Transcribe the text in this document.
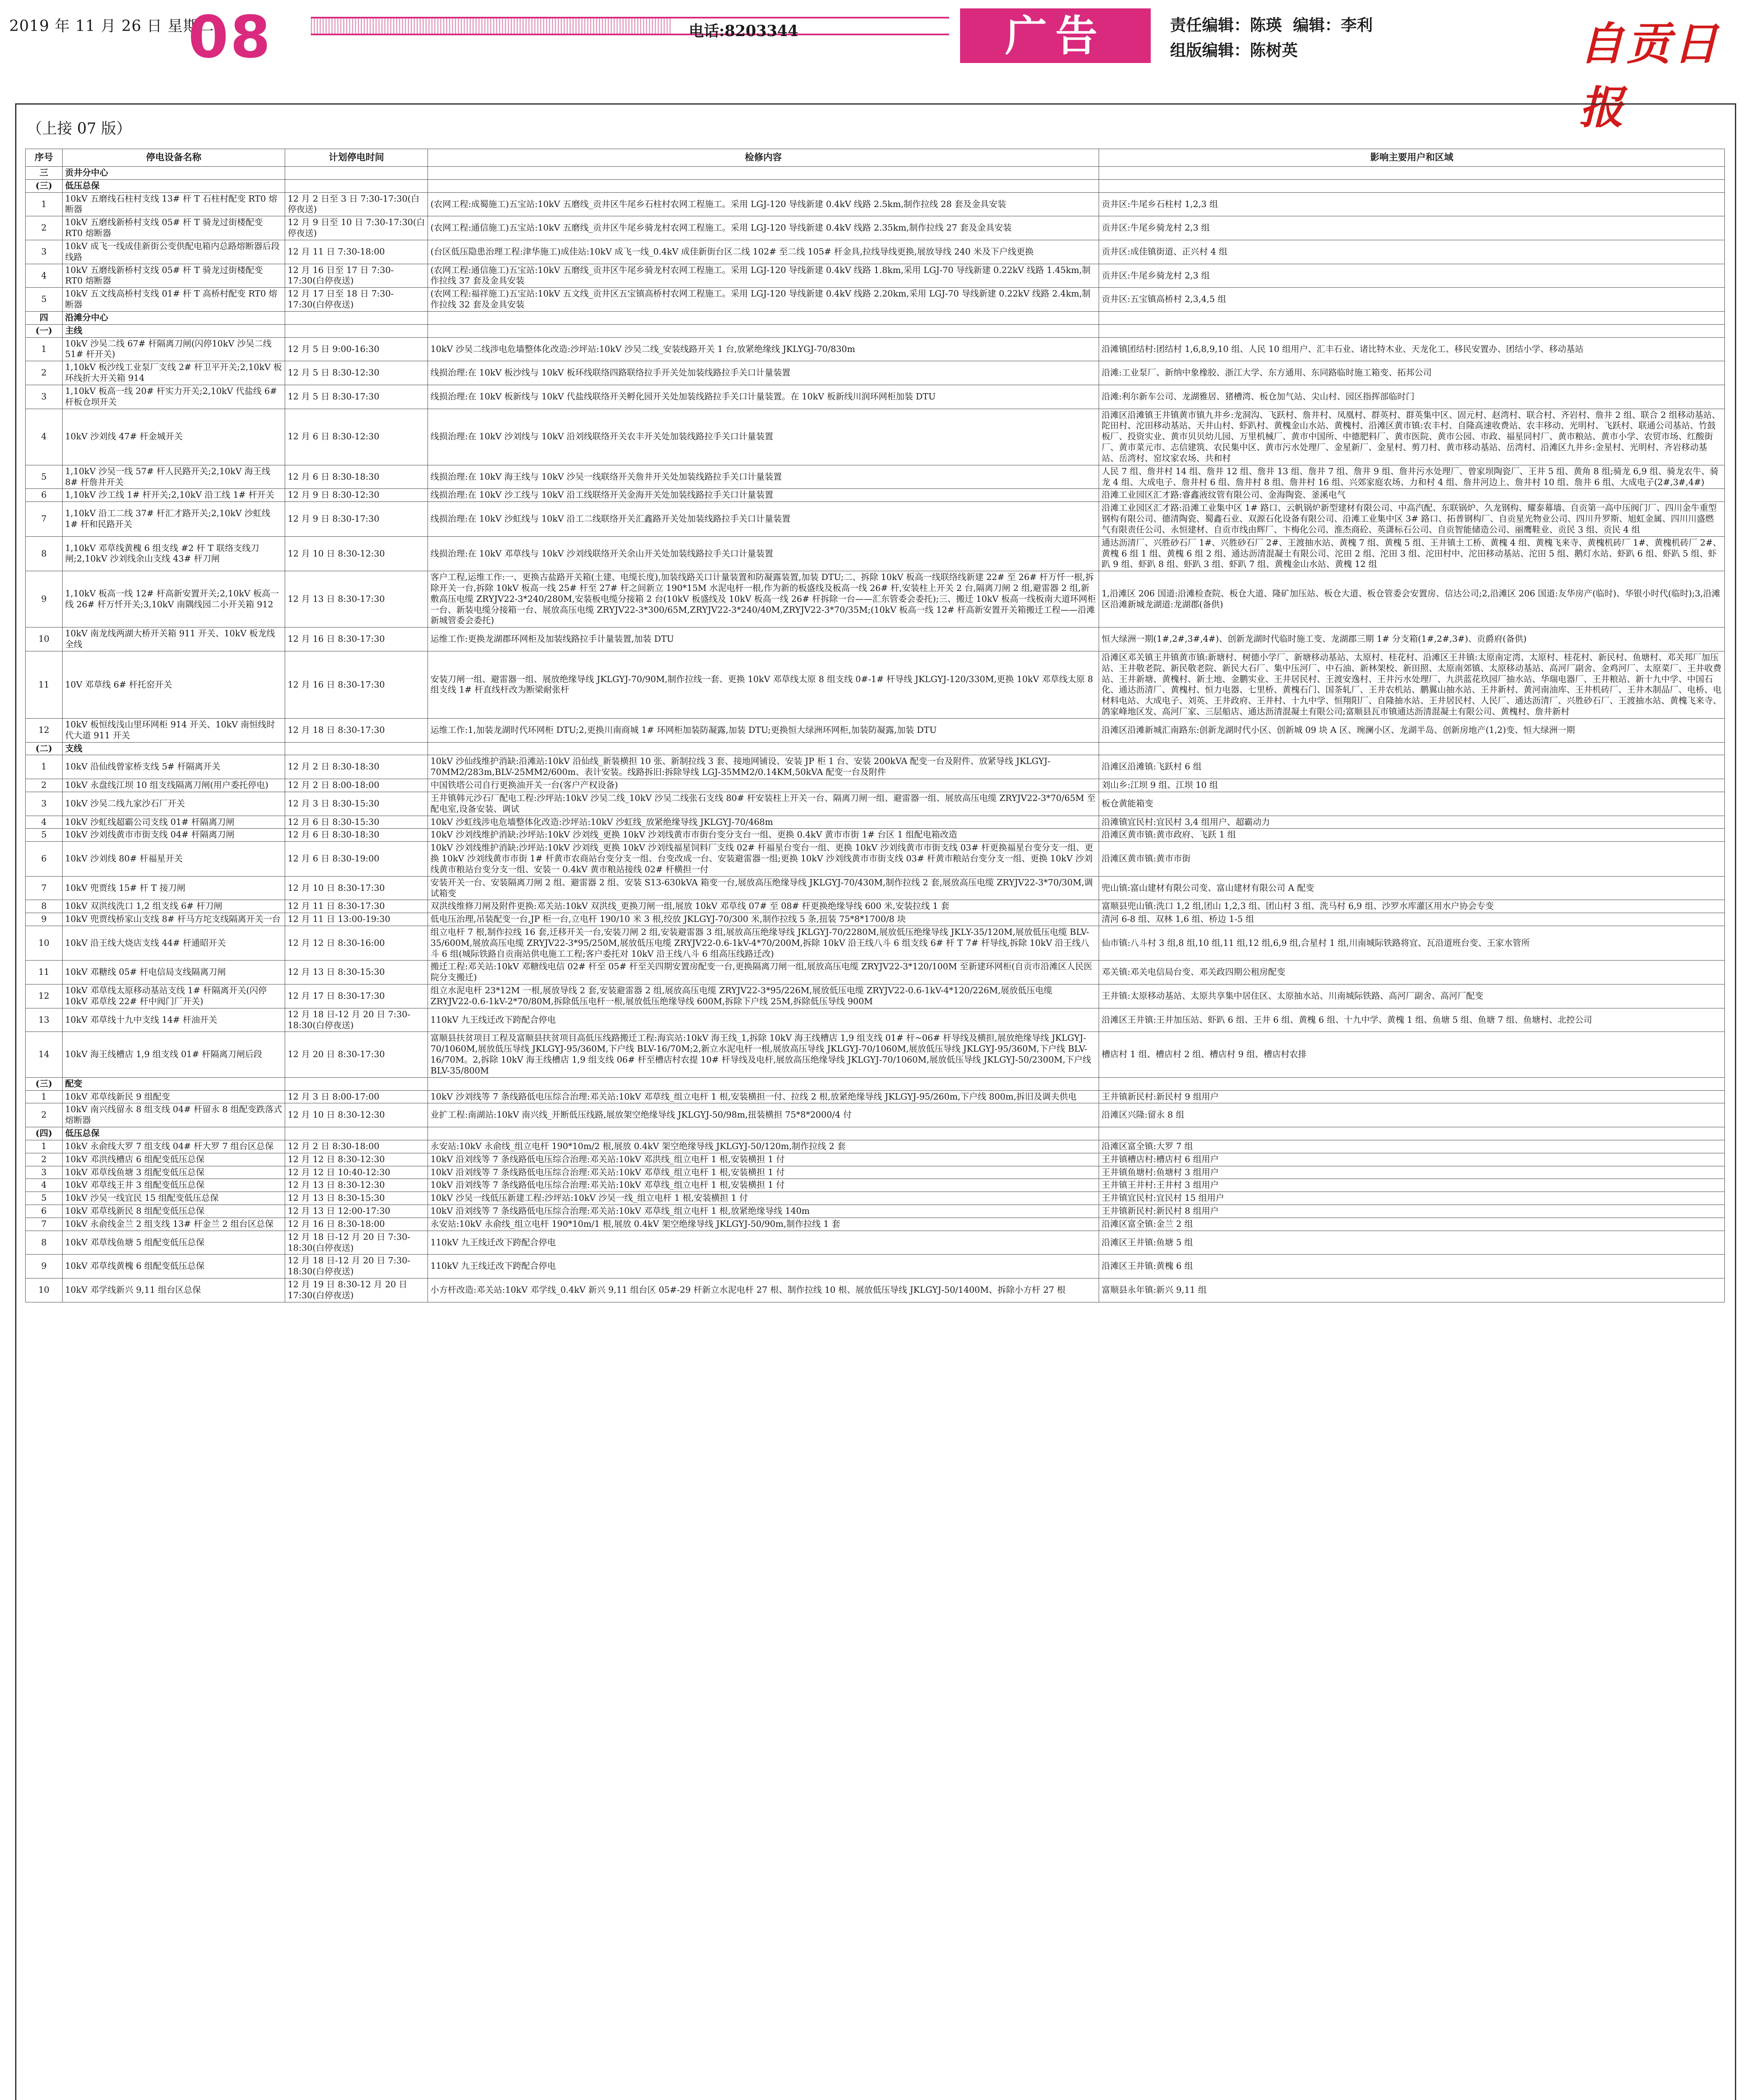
2019 年 11 月 26 日 星期二
08	电话:8203344	广告	责任编辑：陈瑛  编辑：李利
组版编辑：陈树英	自贡日报
（上接 07 版）
序号	停电设备名称	计划停电时间	检修内容	影响主要用户和区域
三	贡井分中心			
(三)	低压总保			
1	10kV 五磨线石柱村支线 13# 杆 T 石柱村配变 RT0 熔断器	12 月 2 日至 3 日 7:30-17:30(白停夜送)	(农网工程:成蜀施工)五宝站:10kV 五磨线_贡井区牛尾乡石柱村农网工程施工。采用 LGJ-120 导线新建 0.4kV 线路 2.5km,制作拉线 28 套及金具安装	贡井区:牛尾乡石柱村 1,2,3 组
2	10kV 五磨线新桥村支线 05# 杆 T 骑龙过街楼配变 RT0 熔断器	12 月 9 日至 10 日 7:30-17:30(白停夜送)	(农网工程:通信施工)五宝站:10kV 五磨线_贡井区牛尾乡骑龙村农网工程施工。采用 LGJ-120 导线新建 0.4kV 线路 2.35km,制作拉线 27 套及金具安装	贡井区:牛尾乡骑龙村 2,3 组
3	10kV 成飞一线成佳新街公变供配电箱内总路熔断器后段线路	12 月 11 日 7:30-18:00	(台区低压隐患治理工程:津华施工)成佳站:10kV 成飞一线_0.4kV 成佳新街台区二线 102# 至二线 105# 杆金具,拉线导线更换,展放导线 240 米及下户线更换	贡井区:成佳镇街道、正兴村 4 组
4	10kV 五磨线新桥村支线 05# 杆 T 骑龙过街楼配变 RT0 熔断器	12 月 16 日至 17 日 7:30-17:30(白停夜送)	(农网工程:通信施工)五宝站:10kV 五磨线_贡井区牛尾乡骑龙村农网工程施工。采用 LGJ-120 导线新建 0.4kV 线路 1.8km,采用 LGJ-70 导线新建 0.22kV 线路 1.45km,制作拉线 37 套及金具安装	贡井区:牛尾乡骑龙村 2,3 组
5	10kV 五文线高桥村支线 01# 杆 T 高桥村配变 RT0 熔断器	12 月 17 日至 18 日 7:30-17:30(白停夜送)	(农网工程:福祥施工)五宝站:10kV 五文线_贡井区五宝镇高桥村农网工程施工。采用 LGJ-120 导线新建 0.4kV 线路 2.20km,采用 LGJ-70 导线新建 0.22kV 线路 2.4km,制作拉线 32 套及金具安装	贡井区:五宝镇高桥村 2,3,4,5 组
四	沿滩分中心			
(一)	主线			
1	10kV 沙吴二线 67# 杆隔离刀闸(闪停10kV 沙吴二线 51# 杆开关)	12 月 5 日 9:00-16:30	10kV 沙吴二线涉电危墙整体化改造:沙坪站:10kV 沙吴二线_安装线路开关 1 台,放紧绝缘线 JKLYGJ-70/830m	沿滩镇团结村:团结村 1,6,8,9,10 组、人民 10 组用户、汇丰石业、诸比特木业、天龙化工、移民安置办、团结小学、移动基站
2	1,10kV 板沙线工业泵厂支线 2# 杆卫平开关;2,10kV 板环线折大开关箱 914	12 月 5 日 8:30-12:30	线损治理:在 10kV 板沙线与 10kV 板环线联络四路联络拉手开关处加装线路拉手关口计量装置	沿滩:工业泵厂、新纳中象橡胶、浙江大学、东方通用、东同路临时施工箱变、拓邦公司
3	1,10kV 板高一线 20# 杆实力开关;2,10kV 代盐线 6# 杆板仓坝开关	12 月 5 日 8:30-17:30	线损治理:在 10kV 板新线与 10kV 代盐线联络开关孵化园开关处加装线路拉手关口计量装置。在 10kV 板新线川润环网柜加装 DTU	沿滩:利尔新车公司、龙湖雅居、猪槽湾、板仓加气站、尖山村、园区指挥部临时门
4	10kV 沙刘线 47# 杆金城开关	12 月 6 日 8:30-12:30	线损治理:在 10kV 沙刘线与 10kV 沿刘线联络开关农丰开关处加装线路拉手关口计量装置	沿滩区沿滩镇王井镇黄市镇九井乡:龙洞沟、飞跃村、詹井村、凤凰村、群英村、群英集中区、固元村、赵湾村、联合村、齐岩村、詹井 2 组、联合 2 组移动基站、陀田村、沱田移动基站、天井山村、虾趴村、黄槐金山水站、黄槐村、沿滩区黄市镇:农丰村、自隆高速收费站、农丰移动、光明村、飞跃村、联通公司基站、竹鼓板厂、投资实业、黄市贝贝幼儿园、万里机械厂、黄市中国所、中德肥料厂、黄市医院、黄市公园、市政、福星同村厂、黄市粮站、黄市小学、农贸市场、红酸街厂、黄市菜元市、志信建筑、农民集中区、黄市污水处理厂、金星新厂、金星村、剪刀村、黄市移动基站、岳湾村、沿滩区九井乡:金星村、光明村、齐岩移动基站、岳湾村、窑坟家农场、共和村
5	1,10kV 沙吴一线 57# 杆人民路开关;2,10kV 海王线 8# 杆詹井开关	12 月 6 日 8:30-18:30	线损治理:在 10kV 海王线与 10kV 沙吴一线联络开关詹井开关处加装线路拉手关口计量装置	人民 7 组、詹井村 14 组、詹井 12 组、詹井 13 组、詹井 7 组、詹井 9 组、詹井污水处理厂、曾家坝陶瓷厂、王井 5 组、黄角 8 组;骑龙 6,9 组、骑龙农牛、骑龙 4 组、大成电子、詹井村 6 组、詹井村 8 组、詹井村 16 组、兴郊家庭农场、力和村 4 组、詹井河边上、詹井村 10 组、詹井 6 组、大成电子(2#,3#,4#)
6	1,10kV 沙工线 1# 杆开关;2,10kV 沿工线 1# 杆开关	12 月 9 日 8:30-12:30	线损治理:在 10kV 沙工线与 10kV 沿工线联络开关金海开关处加装线路拉手关口计量装置	沿滩工业园区汇才路:睿鑫液纹管有限公司、金海陶瓷、釜溪电气
7	1,10kV 沿工二线 37# 杆汇才路开关;2,10kV 沙虹线 1# 杆和民路开关	12 月 9 日 8:30-17:30	线损治理:在 10kV 沙虹线与 10kV 沿工二线联络开关汇鑫路开关处加装线路拉手关口计量装置	沿滩工业园区汇才路:沿滩工业集中区 1# 路口、云帆锅炉新型建材有限公司、中高汽配、东联锅炉、久龙钢构、耀泰幕墙、自贡第一高中压阀门厂、四川金牛重型钢构有限公司、德清陶瓷、蜀鑫石业、双源石化设备有限公司、沿滩工业集中区 3# 路口、拓普钢构厂、自贡星光物业公司、四川升罗斯、旭虹金属、四川川盛燃气有限责任公司、永恒建材、自贡市线由辉厂、卞梅化公司、淮杰商砼、英潇标石公司、自贡智能储造公司、丽鹰鞋业、贡民 3 组、贡民 4 组
8	1,10kV 邓草线黄槐 6 组支线 #2 杆 T 联络支线刀闸;2,10kV 沙刘线余山支线 43# 杆刀闸	12 月 10 日 8:30-12:30	线损治理:在 10kV 邓草线与 10kV 沙刘线联络开关余山开关处加装线路拉手关口计量装置	通达沥清厂、兴胜砂石厂 1#、兴胜砂石厂 2#、王渡抽水站、黄槐 7 组、黄槐 5 组、王井镇土工桥、黄槐 4 组、黄槐飞来寺、黄槐机砖厂 1#、黄槐机砖厂 2#、黄槐 6 组 1 组、黄槐 6 组 2 组、通达沥清混凝土有限公司、沱田 2 组、沱田 3 组、沱田村中、沱田移动基站、沱田 5 组、鹅灯水站、虾趴 6 组、虾趴 5 组、虾趴 9 组、虾趴 8 组、虾趴 3 组、虾趴 7 组、黄槐金山水站、黄槐 12 组
9	1,10kV 板高一线 12# 杆高新安置开关;2,10kV 板高一线 26# 杆万忏开关;3,10kV 南隅线园二小开关箱 912	12 月 13 日 8:30-17:30	客户工程,运维工作:一、更换古盐路开关箱(土建、电缆长度),加装线路关口计量装置和防凝露装置,加装 DTU;二、拆除 10kV 板高一线联络线新建 22# 至 26# 杆万忏一根,拆除开关一台,拆除 10kV 板高一线 25# 杆至 27# 杆之间新立 190*15M 水泥电杆一根,作为新的板盛线及板高一线 26# 杆,安装柱上开关 2 台,隔离刀闸 2 组,避雷器 2 组,新敷高压电缆 ZRYJV22-3*240/280M,安装板电缆分接箱 2 台(10kV 板盛线及 10kV 板高一线 26# 杆拆除一台——汇东管委会委托);三、搬迁 10kV 板高一线板南大道环网柜一台、新装电缆分接箱一台、展放高压电缆 ZRYJV22-3*300/65M,ZRYJV22-3*240/40M,ZRYJV22-3*70/35M;(10kV 板高一线 12# 杆高新安置开关箱搬迁工程——沿滩新城管委会委托)	1,沿滩区 206 国道:沿滩检查院、板仓大道、隆矿加压站、板仓大道、板仓管委会安置房、信达公司;2,沿滩区 206 国道:友华房产(临时)、华银小时代(临时);3,沿滩区沿滩新城龙湖道:龙湖郡(备供)
10	10kV 南龙线两湖大桥开关箱 911 开关、10kV 板龙线全线	12 月 16 日 8:30-17:30	运维工作:更换龙湖郡环网柜及加装线路拉手计量装置,加装 DTU	恒大绿洲一期(1#,2#,3#,4#)、创新龙湖时代临时施工变、龙湖郡三期 1# 分支箱(1#,2#,3#)、贡爵府(备供)
11	10V 邓草线 6# 杆托窑开关	12 月 16 日 8:30-17:30	安装刀闸一组、避雷器一组、展放绝缘导线 JKLGYJ-70/90M,制作拉线一套、更换 10kV 邓草线太原 8 组支线 0#-1# 杆导线 JKLGYJ-120/330M,更换 10kV 邓草线太原 8 组支线 1# 杆直线杆改为断梁耐张杆	沿滩区邓关镇王井镇黄市镇:新塘村、树德小学厂、新塘移动基站、太原村、桂花村、沿滩区王井镇:太原南定湾、太原村、桂花村、新民村、鱼塘村、邓关邦厂加压站、王井敬老院、新民敬老院、新民大石厂、集中压河厂、中石油、新林架校、新田照、太原南郊镇、太原移动基站、高河厂副舍、金鸡河厂、太原菜厂、王井收费站、王井新塘、黄槐村、新土地、金鹏实业、王井居民村、王渡安逸村、王井污水处理厂、九洪蓝花玖园厂抽水站、华瑞电器厂、王井粮站、新十九中学、中国石化、通达沥清厂、黄槐村、恒力电器、七里桥、黄槐石门、国茶轧厂、王井农机站、鹏翼山抽水站、王井新村、黄河南油库、王井机砖厂、王井木制品厂、电桥、电材料电站、大成电子、刘英、王井政府、王井村、十九中学、恒翔阳厂、自隆抽水站、王井居民村、人民厂、通达沥清厂、兴胜砂石厂、王渡抽水站、黄槐飞来寺、鸽家峰地区发、高河厂家、三层船店、通达沥清混凝土有限公司;富顺县瓦市镇通达沥清混凝土有限公司、黄槐村、詹井新村
12	10kV 板恒线浅山里环网柜 914 开关、10kV 南恒线时代大道 911 开关	12 月 18 日 8:30-17:30	运维工作:1,加装龙湖时代环网柜 DTU;2,更换川南商城 1# 环网柜加装防凝露,加装 DTU;更换恒大绿洲环网柜,加装防凝露,加装 DTU	沿滩区沿滩新城汇南路东:创新龙湖时代小区、创新城 09 块 A 区、琬澜小区、龙湖半岛、创新房地产(1,2)变、恒大绿洲一期
(二)	支线			
1	10kV 沿仙线曾家桥支线 5# 杆隔离开关	12 月 2 日 8:30-18:30	10kV 沙仙线维护消缺:沿滩站:10kV 沿仙线_新装横担 10 张、新制拉线 3 套、接地网铺设、安装 JP 柜 1 台、安装 200kVA 配变一台及附件、放紧导线 JKLGYJ-70MM2/283m,BLV-25MM2/600m、表计安装。线路拆旧:拆除导线 LGJ-35MM2/0.14KM,50kVA 配变一台及附件	沿滩区沿滩镇:飞跃村 6 组
2	10kV 永盘线江坝 10 组支线隔离刀闸(用户委托停电)	12 月 2 日 8:00-18:00	中国铁塔公司自行更换油开关一台(客户产权设备)	刘山乡:江坝 9 组、江坝 10 组
3	10kV 沙吴二线九家沙石厂开关	12 月 3 日 8:30-15:30	王井镇韩元沙石厂配电工程:沙坪站:10kV 沙吴二线_10kV 沙吴二线张石支线 80# 杆安装柱上开关一台、隔离刀闸一组、避雷器一组、展放高压电缆 ZRYJV22-3*70/65M 至配电室,设备安装、调试	板仓黄能箱变
4	10kV 沙虹线超霸公司支线 01# 杆隔离刀闸	12 月 6 日 8:30-15:30	10kV 沙虹线涉电危墙整体化改造:沙坪站:10kV 沙虹线_放紧绝缘导线 JKLGYJ-70/468m	沿滩镇宜民村:宜民村 3,4 组用户、超霸动力
5	10kV 沙刘线黄市市街支线 04# 杆隔离刀闸	12 月 6 日 8:30-18:30	10kV 沙刘线维护消缺:沙坪站:10kV 沙刘线_更换 10kV 沙刘线黄市市街台变分支台一组、更换 0.4kV 黄市市街 1# 台区 1 组配电箱改造	沿滩区黄市镇:黄市政府、飞跃 1 组
6	10kV 沙刘线 80# 杆福星开关	12 月 6 日 8:30-19:00	10kV 沙刘线维护消缺:沙坪站:10kV 沙刘线_更换 10kV 沙刘线福星饲料厂支线 02# 杆福星台变台一组、更换 10kV 沙刘线黄市市街支线 03# 杆更换福星台变分支一组、更换 10kV 沙刘线黄市市街 1# 杆黄市农商站台变分支一组、台变改成一台、安装避雷器一组;更换 10kV 沙刘线黄市市街支线 03# 杆黄市粮站台变分支一组、更换 10kV 沙刘线黄市粮站台变分支一组、安装一 0.4kV 黄市粮站接线 02# 杆横担一付	沿滩区黄市镇:黄市市街
7	10kV 兜贾线 15# 杆 T 接刀闸	12 月 10 日 8:30-17:30	安装开关一台、安装隔离刀闸 2 组、避雷器 2 组、安装 S13-630kVA 箱变一台,展放高压绝缘导线 JKLGYJ-70/430M,制作拉线 2 套,展放高压电缆 ZRYJV22-3*70/30M,调试箱变	兜山镇:富山建材有限公司变、富山建材有限公司 A 配变
8	10kV 双洪线洗口 1,2 组支线 6# 杆刀闸	12 月 11 日 8:30-17:30	双洪线维修刀闸及附件更换:邓关站:10kV 双洪线_更换刀闸一组,展放 10kV 邓草线 07# 至 08# 杆更换绝缘导线 600 米,安装拉线 1 套	富顺县兜山镇:洗口 1,2 组,团山 1,2,3 组、团山村 3 组、洗马村 6,9 组、沙罗水库灌区用水户协会专变
9	10kV 兜贾线桥家山支线 8# 杆马方坨支线隔离开关一台	12 月 11 日 13:00-19:30	低电压治理,吊装配变一台,JP 柜一台,立电杆 190/10 米 3 根,绞放 JKLGYJ-70/300 米,制作拉线 5 条,扭装 75*8*1700/8 块	清河 6-8 组、双林 1,6 组、桥边 1-5 组
10	10kV 沿王线大烧店支线 44# 杆通昭开关	12 月 12 日 8:30-16:00	组立电杆 7 根,制作拉线 16 套,迁移开关一台,安装刀闸 2 组,安装避雷器 3 组,展放高压绝缘导线 JKLGYJ-70/2280M,展放低压绝缘导线 JKLY-35/120M,展放低压电缆 BLV-35/600M,展放高压电缆 ZRYJV22-3*95/250M,展放低压电缆 ZRYJV22-0.6-1kV-4*70/200M,拆除 10kV 沿王线八斗 6 组支线 6# 杆 T 7# 杆导线,拆除 10kV 沿王线八斗 6 组(城际铁路自贡南站供电施工工程;客户委托对 10kV 沿王线八斗 6 组高压线路迁改)	仙市镇:八斗村 3 组,8 组,10 组,11 组,12 组,6,9 组,合星村 1 组,川南城际铁路将宜、瓦沿道班台变、王家水管所
11	10kV 邓糖线 05# 杆电信局支线隔离刀闸	12 月 13 日 8:30-15:30	搬迁工程:邓关站:10kV 邓糖线电信 02# 杆至 05# 杆至关四期安置房配变一台,更换隔离刀闸一组,展放高压电缆 ZRYJV22-3*120/100M 至新建环网柜(自贡市沿滩区人民医院分支搬迁)	邓关镇:邓关电信局台变、邓关政四期公租房配变
12	10kV 邓草线太原移动基站支线 1# 杆隔离开关(闪停 10kV 邓草线 22# 杆中阀门厂开关)	12 月 17 日 8:30-17:30	组立水泥电杆 23*12M 一根,展放导线 2 套,安装避雷器 2 组,展放高压电缆 ZRYJV22-3*95/226M,展放低压电缆 ZRYJV22-0.6-1kV-4*120/226M,展放低压电缆 ZRYJV22-0.6-1kV-2*70/80M,拆除低压电杆一根,展放低压绝缘导线 600M,拆除下户线 25M,拆除低压导线 900M	王井镇:太原移动基站、太原共享集中居住区、太原抽水站、川南城际铁路、高河厂副舍、高河厂配变
13	10kV 邓草线十九中支线 14# 杆油开关	12 月 18 日-12 月 20 日 7:30-18:30(白停夜送)	110kV 九王线迁改下跨配合停电	沿滩区王井镇:王井加压站、虾趴 6 组、王井 6 组、黄槐 6 组、十九中学、黄槐 1 组、鱼塘 5 组、鱼塘 7 组、鱼塘村、北控公司
14	10kV 海王线槽店 1,9 组支线 01# 杆隔离刀闸后段	12 月 20 日 8:30-17:30	富顺县扶贫项目工程及富顺县扶贫项目高低压线路搬迁工程:海宾站:10kV 海王线_1,拆除 10kV 海王线槽店 1,9 组支线 01# 杆~06# 杆导线及横担,展放绝缘导线 JKLGYJ-70/1060M,展放低压导线 JKLGYJ-95/360M,下户线 BLV-16/70M;2,新立水泥电杆一根,展放高压导线 JKLGYJ-70/1060M,展放低压导线 JKLGYJ-95/360M,下户线 BLV-16/70M。2,拆除 10kV 海王线槽店 1,9 组支线 06# 杆至槽店村农提 10# 杆导线及电杆,展放高压绝缘导线 JKLGYJ-70/1060M,展放低压导线 JKLGYJ-50/2300M,下户线 BLV-35/800M	槽店村 1 组、槽店村 2 组、槽店村 9 组、槽店村农排
(三)	配变			
1	10kV 邓草线新民 9 组配变	12 月 3 日 8:00-17:00	10kV 沙刘线等 7 条线路低电压综合治理:邓关站:10kV 邓草线_组立电杆 1 根,安装横担一付、拉线 2 根,放紧绝缘导线 JKLGYJ-95/260m,下户线 800m,拆旧及调夫供电	王井镇新民村:新民村 9 组用户
2	10kV 南兴线留永 8 组支线 04# 杆留永 8 组配变跌落式熔断器	12 月 10 日 8:30-12:30	业扩工程:南湖站:10kV 南兴线_开断低压线路,展放架空绝缘导线 JKLGYJ-50/98m,扭装横担 75*8*2000/4 付	沿滩区兴隆:留永 8 组
(四)	低压总保			
1	10kV 永俞线大罗 7 组支线 04# 杆大罗 7 组台区总保	12 月 2 日 8:30-18:00	永安站:10kV 永俞线_组立电杆 190*10m/2 根,展放 0.4kV 架空绝缘导线 JKLGYJ-50/120m,制作拉线 2 套	沿滩区富全镇:大罗 7 组
2	10kV 邓洪线槽店 6 组配变低压总保	12 月 12 日 8:30-12:30	10kV 沿刘线等 7 条线路低电压综合治理:邓关站:10kV 邓洪线_组立电杆 1 根,安装横担 1 付	王井镇槽店村:槽店村 6 组用户
3	10kV 邓草线鱼塘 3 组配变低压总保	12 月 12 日 10:40-12:30	10kV 沿刘线等 7 条线路低电压综合治理:邓关站:10kV 邓草线_组立电杆 1 根,安装横担 1 付	王井镇鱼塘村:鱼塘村 3 组用户
4	10kV 邓草线王井 3 组配变低压总保	12 月 13 日 8:30-12:30	10kV 沿刘线等 7 条线路低电压综合治理:邓关站:10kV 邓草线_组立电杆 1 根,安装横担 1 付	王井镇王井村:王井村 3 组用户
5	10kV 沙吴一线宜民 15 组配变低压总保	12 月 13 日 8:30-15:30	10kV 沙吴一线低压新建工程:沙坪站:10kV 沙吴一线_组立电杆 1 根,安装横担 1 付	王井镇宜民村:宜民村 15 组用户
6	10kV 邓草线新民 8 组配变低压总保	12 月 13 日 12:00-17:30	10kV 沿刘线等 7 条线路低电压综合治理:邓关站:10kV 邓草线_组立电杆 1 根,放紧绝缘导线 140m	王井镇新民村:新民村 8 组用户
7	10kV 永俞线金兰 2 组支线 13# 杆金兰 2 组台区总保	12 月 16 日 8:30-18:00	永安站:10kV 永俞线_组立电杆 190*10m/1 根,展放 0.4kV 架空绝缘导线 JKLGYJ-50/90m,制作拉线 1 套	沿滩区富全镇:金兰 2 组
8	10kV 邓草线鱼塘 5 组配变低压总保	12 月 18 日-12 月 20 日 7:30-18:30(白停夜送)	110kV 九王线迁改下跨配合停电	沿滩区王井镇:鱼塘 5 组
9	10kV 邓草线黄槐 6 组配变低压总保	12 月 18 日-12 月 20 日 7:30-18:30(白停夜送)	110kV 九王线迁改下跨配合停电	沿滩区王井镇:黄槐 6 组
10	10kV 邓学线新兴 9,11 组台区总保	12 月 19 日 8:30-12 月 20 日 17:30(白停夜送)	小方杆改造:邓关站:10kV 邓学线_0.4kV 新兴 9,11 组台区 05#-29 杆新立水泥电杆 27 根、制作拉线 10 根、展放低压导线 JKLGYJ-50/1400M、拆除小方杆 27 根	富顺县永年镇:新兴 9,11 组
